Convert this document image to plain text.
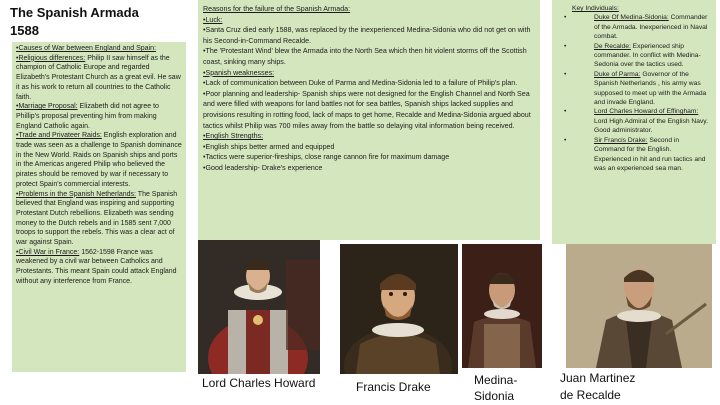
The Spanish Armada 1588

•Causes of War between England and Spain:

•Religious differences: Philip II saw himself as the champion of Catholic Europe and regarded Elizabeth's Protestant Church as a great evil. He saw it as his work to return all countries to the Catholic faith.

•Marriage Proposal: Elizabeth did not agree to Phillip's proposal preventing him from making England Catholic again.

•Trade and Privateer Raids: English exploration and trade was seen as a challenge to Spanish dominance in the New World. Raids on Spanish ships and ports in the Americas angered Philip who believed the pirates should be removed by war if necessary to protect Spain's commercial interests.

•Problems in the Spanish Netherlands: The Spanish believed that England was inspiring and supporting Protestant Dutch rebellions. Elizabeth was sending money to the Dutch rebels and in 1585 sent 7,000 troops to support the rebels. This was a clear act of war against Spain.

•Civil War in France: 1562-1598 France was weakened by a civil war between Catholics and Protestants. This meant Spain could attack England without any interference from France.

Reasons for the failure of the Spanish Armada:

•Luck:

•Santa Cruz died early 1588, was replaced by the inexperienced Medina-Sidonia who did not get on with his Second-in-Command Recalde.

•The 'Protestant Wind' blew the Armada into the North Sea which then hit violent storms off the Scottish coast, sinking many ships.

•Spanish weaknesses:

•Lack of communication between Duke of Parma and Medina-Sidonia led to a failure of Philip's plan.

•Poor planning and leadership- Spanish ships were not designed for the English Channel and North Sea and were filled with weapons for land battles not for sea battles, Spanish ships lacked supplies and provisions resulting in rotting food, lack of maps to get home, Recalde and Medina-Sidonia argued about tactics whilst Philip was 700 miles away from the battle so delaying vital information being received.

•English Strengths:

•English ships better armed and equipped

•Tactics were superior-fireships, close range cannon fire for maximum damage

•Good leadership- Drake's experience

Key Individuals:
•	Duke Of Medina-Sidonia: Commander of the Armada. Inexperienced in Naval combat.
•	De Recalde: Experienced ship commander. In conflict with Medina-Sedonia over the tactics used.
•	Duke of Parma: Governor of the Spanish Netherlands , his army was supposed to meet up with the Armada and invade England.
•	Lord Charles Howard of Effingham: Lord High Admiral of the English Navy. Good administrator.
•	Sir Francis Drake: Second in Command for the English. Experienced in hit and run tactics and was an experienced sea man.
Lord Charles Howard	Francis Drake	Medina-
Sidonia
Juan Martinez
de Recalde
